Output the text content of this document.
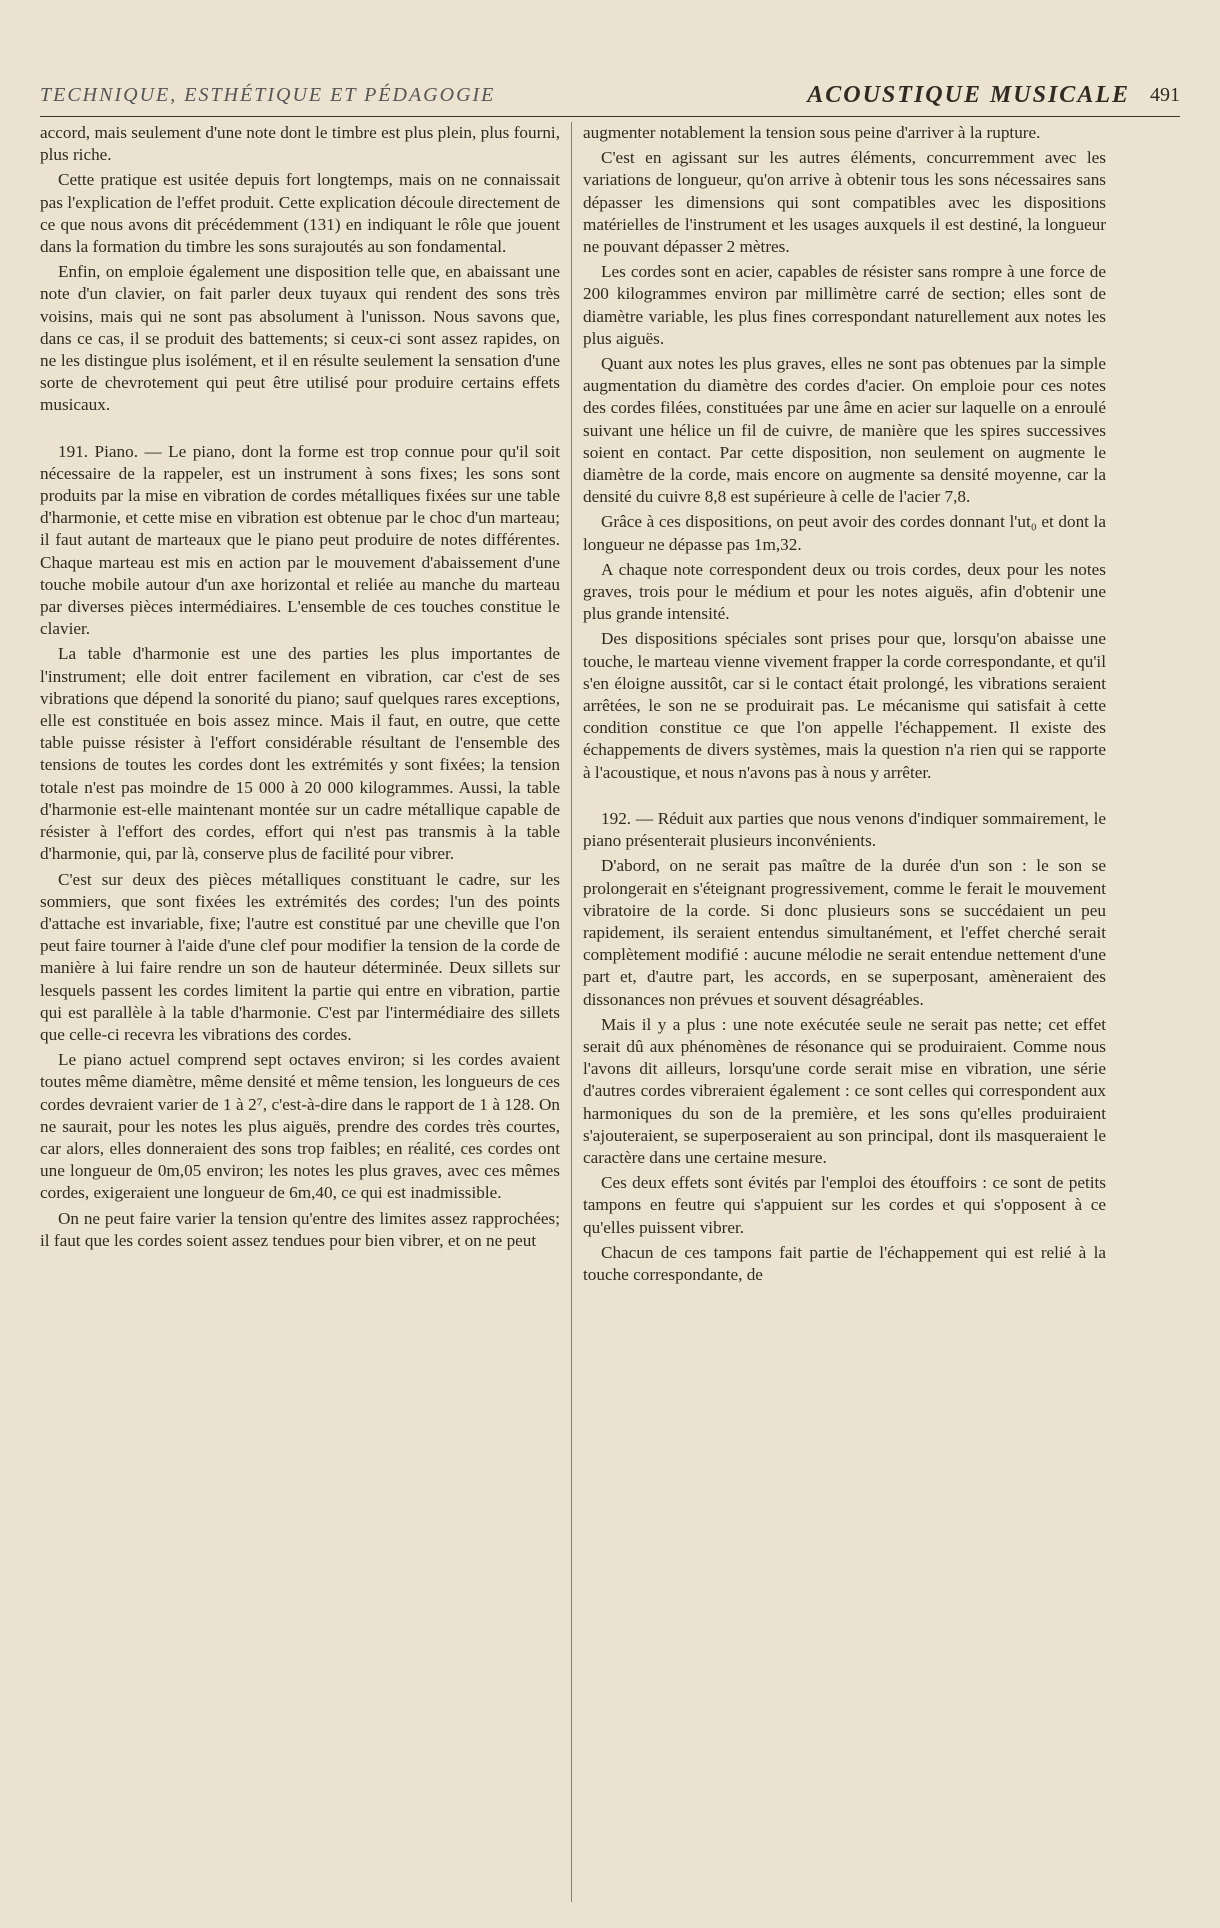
TECHNIQUE, ESTHÉTIQUE ET PÉDAGOGIE	ACOUSTIQUE MUSICALE 491

accord, mais seulement d'une note dont le timbre est plus plein, plus fourni, plus riche.

Cette pratique est usitée depuis fort longtemps, mais on ne connaissait pas l'explication de l'effet produit. Cette explication découle directement de ce que nous avons dit précédemment (131) en indiquant le rôle que jouent dans la formation du timbre les sons surajoutés au son fondamental.

Enfin, on emploie également une disposition telle que, en abaissant une note d'un clavier, on fait parler deux tuyaux qui rendent des sons très voisins, mais qui ne sont pas absolument à l'unisson. Nous savons que, dans ce cas, il se produit des battements; si ceux-ci sont assez rapides, on ne les distingue plus isolément, et il en résulte seulement la sensation d'une sorte de chevrotement qui peut être utilisé pour produire certains effets musicaux.

191. Piano. — Le piano, dont la forme est trop connue pour qu'il soit nécessaire de la rappeler, est un instrument à sons fixes; les sons sont produits par la mise en vibration de cordes métalliques fixées sur une table d'harmonie, et cette mise en vibration est obtenue par le choc d'un marteau; il faut autant de marteaux que le piano peut produire de notes différentes. Chaque marteau est mis en action par le mouvement d'abaissement d'une touche mobile autour d'un axe horizontal et reliée au manche du marteau par diverses pièces intermédiaires. L'ensemble de ces touches constitue le clavier.

La table d'harmonie est une des parties les plus importantes de l'instrument; elle doit entrer facilement en vibration, car c'est de ses vibrations que dépend la sonorité du piano; sauf quelques rares exceptions, elle est constituée en bois assez mince. Mais il faut, en outre, que cette table puisse résister à l'effort considérable résultant de l'ensemble des tensions de toutes les cordes dont les extrémités y sont fixées; la tension totale n'est pas moindre de 15 000 à 20 000 kilogrammes. Aussi, la table d'harmonie est-elle maintenant montée sur un cadre métallique capable de résister à l'effort des cordes, effort qui n'est pas transmis à la table d'harmonie, qui, par là, conserve plus de facilité pour vibrer.

C'est sur deux des pièces métalliques constituant le cadre, sur les sommiers, que sont fixées les extrémités des cordes; l'un des points d'attache est invariable, fixe; l'autre est constitué par une cheville que l'on peut faire tourner à l'aide d'une clef pour modifier la tension de la corde de manière à lui faire rendre un son de hauteur déterminée. Deux sillets sur lesquels passent les cordes limitent la partie qui entre en vibration, partie qui est parallèle à la table d'harmonie. C'est par l'intermédiaire des sillets que celle-ci recevra les vibrations des cordes.

Le piano actuel comprend sept octaves environ; si les cordes avaient toutes même diamètre, même densité et même tension, les longueurs de ces cordes devraient varier de 1 à 2⁷, c'est-à-dire dans le rapport de 1 à 128. On ne saurait, pour les notes les plus aiguës, prendre des cordes très courtes, car alors, elles donneraient des sons trop faibles; en réalité, ces cordes ont une longueur de 0m,05 environ; les notes les plus graves, avec ces mêmes cordes, exigeraient une longueur de 6m,40, ce qui est inadmissible.

On ne peut faire varier la tension qu'entre des limites assez rapprochées; il faut que les cordes soient assez tendues pour bien vibrer, et on ne peut

augmenter notablement la tension sous peine d'arriver à la rupture.

C'est en agissant sur les autres éléments, concurremment avec les variations de longueur, qu'on arrive à obtenir tous les sons nécessaires sans dépasser les dimensions qui sont compatibles avec les dispositions matérielles de l'instrument et les usages auxquels il est destiné, la longueur ne pouvant dépasser 2 mètres.

Les cordes sont en acier, capables de résister sans rompre à une force de 200 kilogrammes environ par millimètre carré de section; elles sont de diamètre variable, les plus fines correspondant naturellement aux notes les plus aiguës.

Quant aux notes les plus graves, elles ne sont pas obtenues par la simple augmentation du diamètre des cordes d'acier. On emploie pour ces notes des cordes filées, constituées par une âme en acier sur laquelle on a enroulé suivant une hélice un fil de cuivre, de manière que les spires successives soient en contact. Par cette disposition, non seulement on augmente le diamètre de la corde, mais encore on augmente sa densité moyenne, car la densité du cuivre 8,8 est supérieure à celle de l'acier 7,8.

Grâce à ces dispositions, on peut avoir des cordes donnant l'ut₀ et dont la longueur ne dépasse pas 1m,32.

A chaque note correspondent deux ou trois cordes, deux pour les notes graves, trois pour le médium et pour les notes aiguës, afin d'obtenir une plus grande intensité.

Des dispositions spéciales sont prises pour que, lorsqu'on abaisse une touche, le marteau vienne vivement frapper la corde correspondante, et qu'il s'en éloigne aussitôt, car si le contact était prolongé, les vibrations seraient arrêtées, le son ne se produirait pas. Le mécanisme qui satisfait à cette condition constitue ce que l'on appelle l'échappement. Il existe des échappements de divers systèmes, mais la question n'a rien qui se rapporte à l'acoustique, et nous n'avons pas à nous y arrêter.

192. — Réduit aux parties que nous venons d'indiquer sommairement, le piano présenterait plusieurs inconvénients.

D'abord, on ne serait pas maître de la durée d'un son : le son se prolongerait en s'éteignant progressivement, comme le ferait le mouvement vibratoire de la corde. Si donc plusieurs sons se succédaient un peu rapidement, ils seraient entendus simultanément, et l'effet cherché serait complètement modifié : aucune mélodie ne serait entendue nettement d'une part et, d'autre part, les accords, en se superposant, amèneraient des dissonances non prévues et souvent désagréables.

Mais il y a plus : une note exécutée seule ne serait pas nette; cet effet serait dû aux phénomènes de résonance qui se produiraient. Comme nous l'avons dit ailleurs, lorsqu'une corde serait mise en vibration, une série d'autres cordes vibreraient également : ce sont celles qui correspondent aux harmoniques du son de la première, et les sons qu'elles produiraient s'ajouteraient, se superposeraient au son principal, dont ils masqueraient le caractère dans une certaine mesure.

Ces deux effets sont évités par l'emploi des étouffoirs : ce sont de petits tampons en feutre qui s'appuient sur les cordes et qui s'opposent à ce qu'elles puissent vibrer.

Chacun de ces tampons fait partie de l'échappement qui est relié à la touche correspondante, de
